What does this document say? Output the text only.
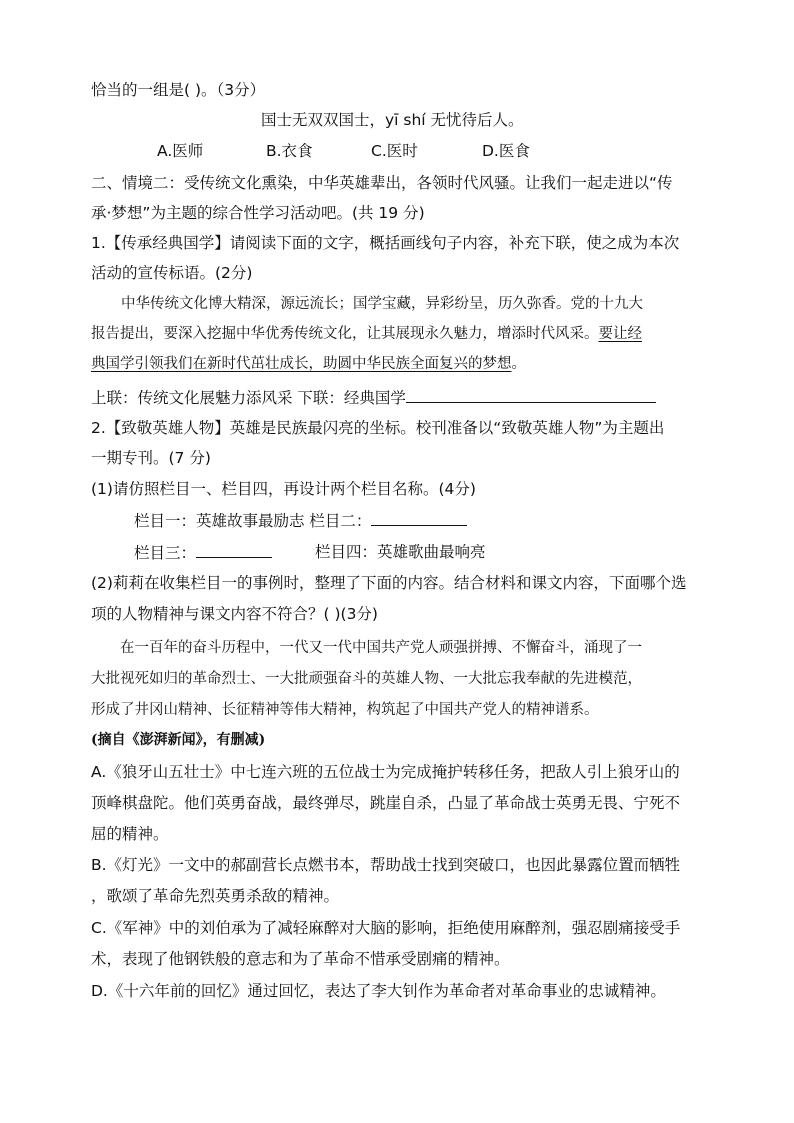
恰当的一组是( )。（3分）
国士无双双国士，yī shí 无忧待后人。
A.医师	B.衣食	C.医时	D.医食
二、情境二：受传统文化熏染，中华英雄辈出，各领时代风骚。让我们一起走进以“传
承·梦想”为主题的综合性学习活动吧。(共 19 分)
1.【传承经典国学】请阅读下面的文字，概括画线句子内容，补充下联，使之成为本次
活动的宣传标语。(2分)
中华传统文化博大精深，源远流长；国学宝藏，异彩纷呈，历久弥香。党的十九大
报告提出，要深入挖掘中华优秀传统文化，让其展现永久魅力，增添时代风采。要让经
典国学引领我们在新时代茁壮成长，助圆中华民族全面复兴的梦想。
上联：传统文化展魅力添风采 下联：经典国学
2.【致敬英雄人物】英雄是民族最闪亮的坐标。校刊准备以“致敬英雄人物”为主题出
一期专刊。(7 分)
(1)请仿照栏目一、栏目四，再设计两个栏目名称。(4分)
栏目一：英雄故事最励志 栏目二：
栏目三：	栏目四：英雄歌曲最响亮
(2)莉莉在收集栏目一的事例时，整理了下面的内容。结合材料和课文内容，下面哪个选
项的人物精神与课文内容不符合？( )(3分)
在一百年的奋斗历程中，一代又一代中国共产党人顽强拼搏、不懈奋斗，涌现了一
大批视死如归的革命烈士、一大批顽强奋斗的英雄人物、一大批忘我奉献的先进模范，
形成了井冈山精神、长征精神等伟大精神，构筑起了中国共产党人的精神谱系。
(摘自《澎湃新闻》，有删减)
A.《狼牙山五壮士》中七连六班的五位战士为完成掩护转移任务，把敌人引上狼牙山的
顶峰棋盘陀。他们英勇奋战，最终弹尽，跳崖自杀，凸显了革命战士英勇无畏、宁死不
屈的精神。
B.《灯光》一文中的郝副营长点燃书本，帮助战士找到突破口，也因此暴露位置而牺牲
，歌颂了革命先烈英勇杀敌的精神。
C.《军神》中的刘伯承为了减轻麻醉对大脑的影响，拒绝使用麻醉剂，强忍剧痛接受手
术，表现了他钢铁般的意志和为了革命不惜承受剧痛的精神。
D.《十六年前的回忆》通过回忆，表达了李大钊作为革命者对革命事业的忠诚精神。
